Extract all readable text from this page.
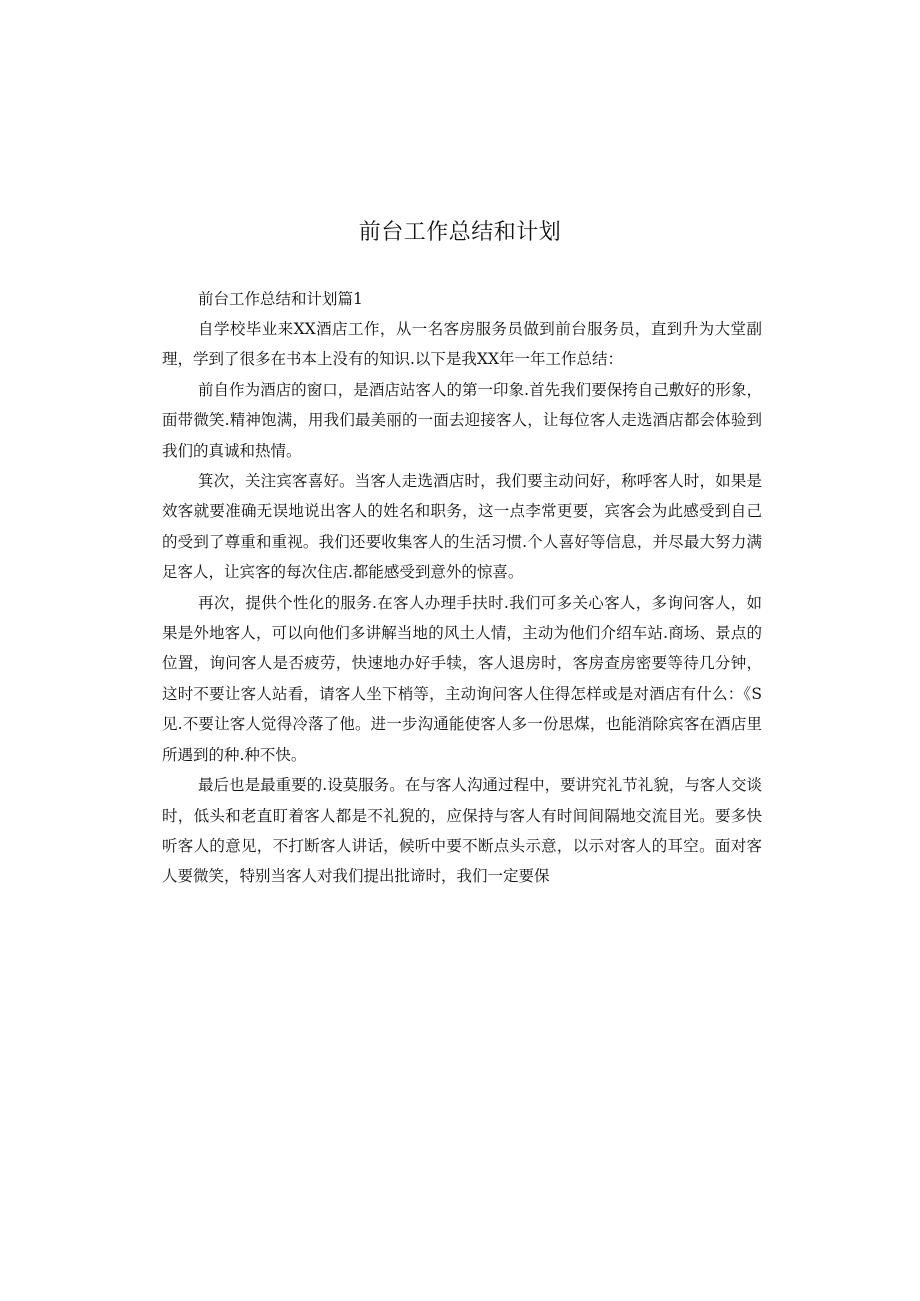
前台工作总结和计划

前台工作总结和计划篇1

自学校毕业来XX酒店工作，从一名客房服务员做到前台服务员，直到升为大堂副理，学到了很多在书本上没有的知识.以下是我XX年一年工作总结：

前自作为酒店的窗口，是酒店站客人的第一印象.首先我们要保挎自己敷好的形象，面带微笑.精神饱满，用我们最美丽的一面去迎接客人，让每位客人走选酒店都会体验到我们的真诚和热情。

箕次，关注宾客喜好。当客人走选酒店时，我们要主动问好，称呼客人时，如果是效客就要准确无误地说出客人的姓名和职务，这一点李常更要，宾客会为此感受到自己的受到了尊重和重视。我们还要收集客人的生活习惯.个人喜好等信息，并尽最大努力满足客人，让宾客的每次住店.都能感受到意外的惊喜。

再次，提供个性化的服务.在客人办理手扶时.我们可多关心客人，多询问客人，如果是外地客人，可以向他们多讲解当地的风土人情，主动为他们介绍车站.商场、景点的位置，询问客人是否疲劳，快速地办好手犊，客人退房时，客房查房密要等待几分钟，这时不要让客人站看，请客人坐下梢等，主动询问客人住得怎样或是对酒店有什么：《S见.不要让客人觉得冷落了他。进一步沟通能使客人多一份思煤，也能消除宾客在酒店里所遇到的种.种不快。

最后也是最重要的.设莫服务。在与客人沟通过程中，要讲究礼节礼貌，与客人交谈时，低头和老直盯着客人都是不礼猊的，应保持与客人有时间间隔地交流目光。要多快听客人的意见，不打断客人讲话，候听中要不断点头示意，以示对客人的耳空。面对客人要微笑，特别当客人对我们提出批谛时，我们一定要保
